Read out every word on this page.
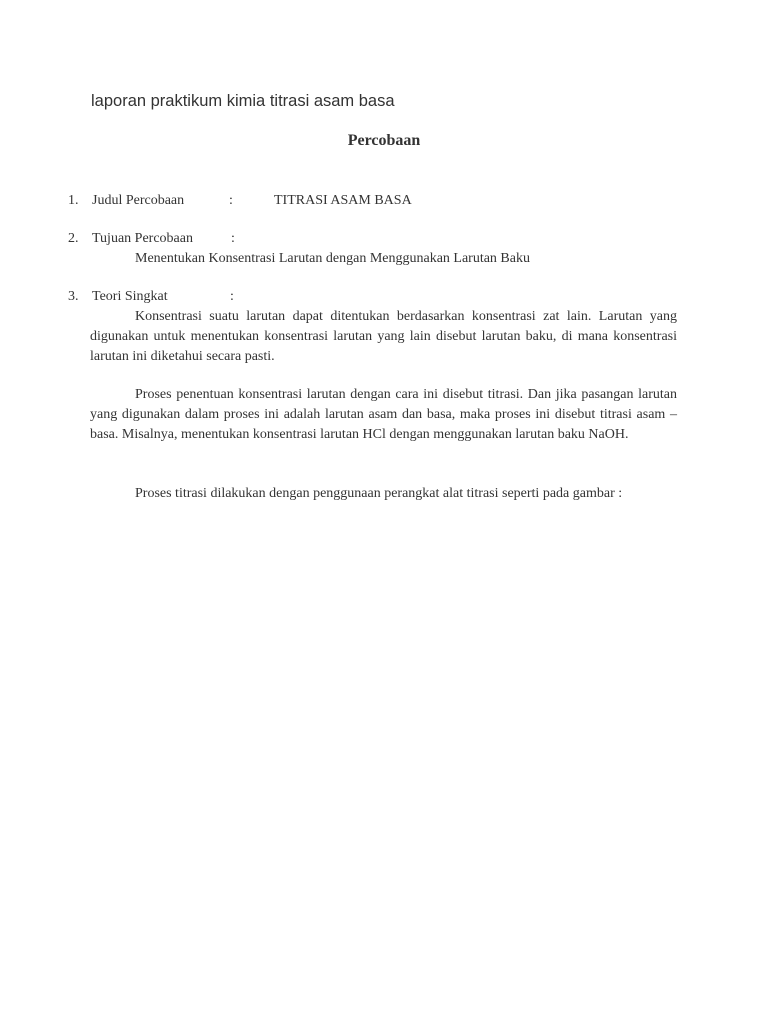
laporan praktikum kimia titrasi asam basa
Percobaan
1. Judul Percobaan	:	TITRASI ASAM BASA
2. Tujuan Percobaan	:
Menentukan Konsentrasi Larutan dengan Menggunakan Larutan Baku
3. Teori Singkat	:

Konsentrasi suatu larutan dapat ditentukan berdasarkan konsentrasi zat lain. Larutan yang digunakan untuk menentukan konsentrasi larutan yang lain disebut larutan baku, di mana konsentrasi larutan ini diketahui secara pasti.

Proses penentuan konsentrasi larutan dengan cara ini disebut titrasi. Dan jika pasangan larutan yang digunakan dalam proses ini adalah larutan asam dan basa, maka proses ini disebut titrasi asam – basa. Misalnya, menentukan konsentrasi larutan HCl dengan menggunakan larutan baku NaOH.

Proses titrasi dilakukan dengan penggunaan perangkat alat titrasi seperti pada gambar :
